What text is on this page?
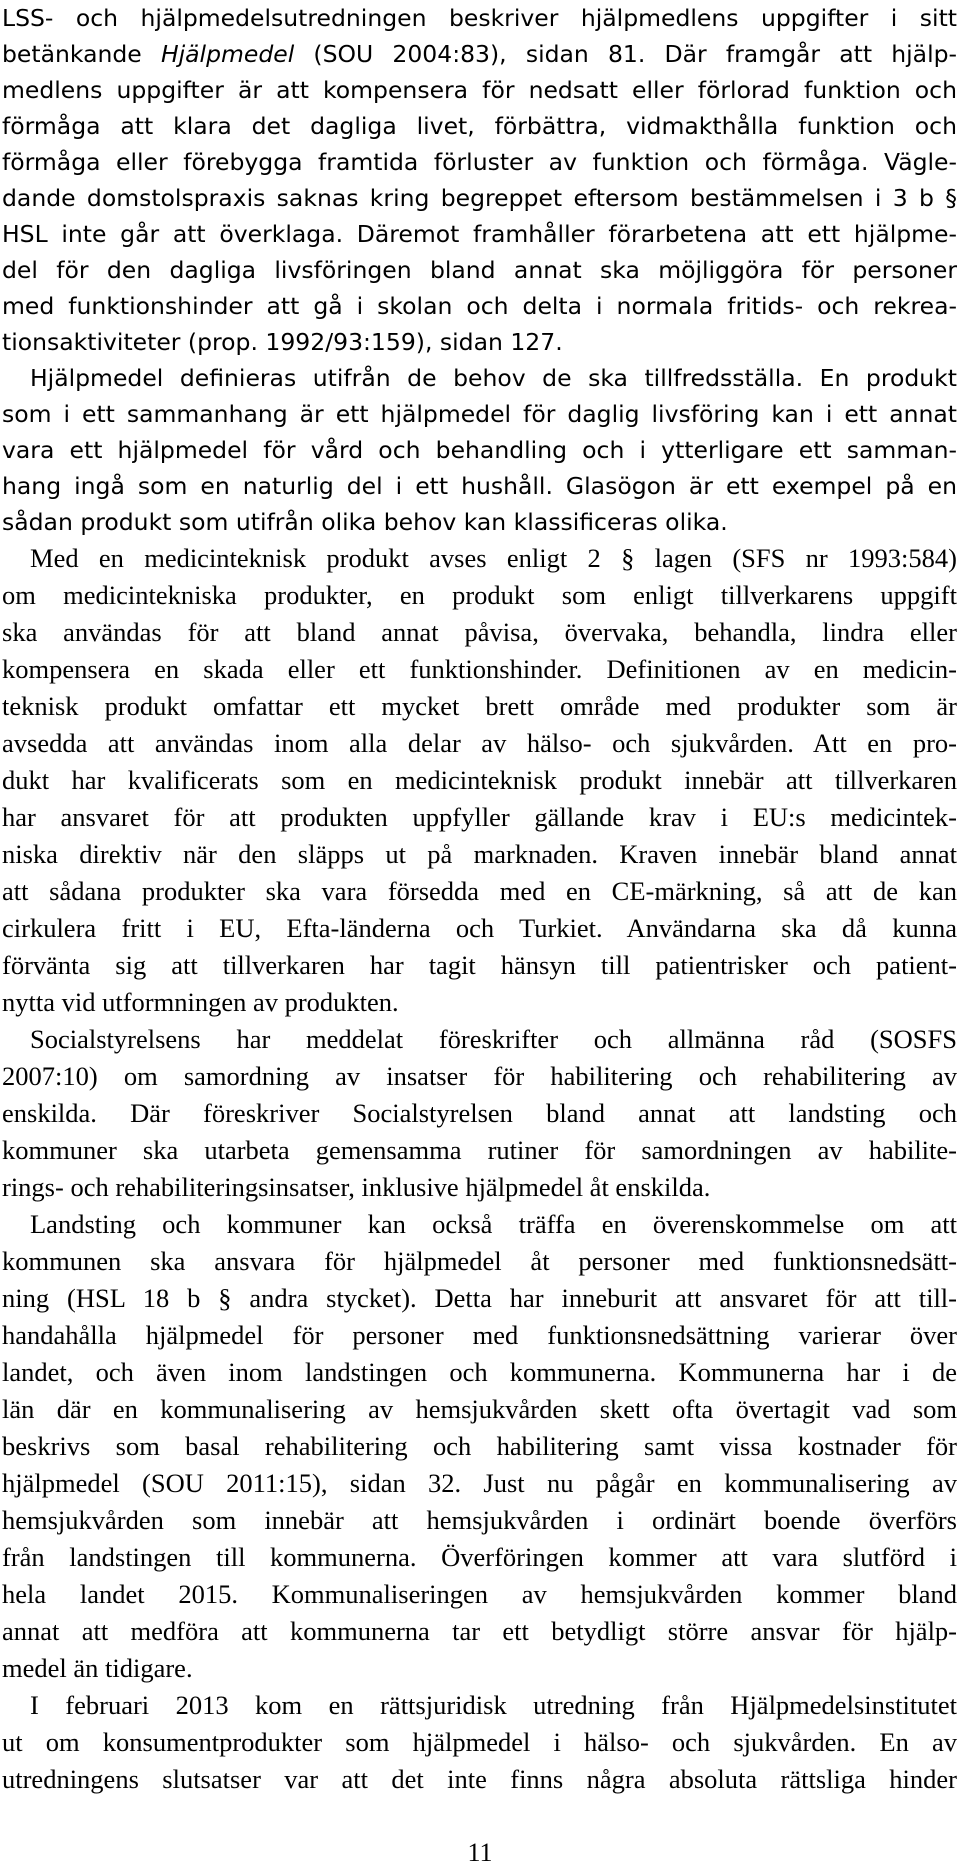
LSS- och hjälpmedelsutredningen beskriver hjälpmedlens uppgifter i sitt

betänkande Hjälpmedel (SOU 2004:83), sidan 81. Där framgår att hjälp-

medlens uppgifter är att kompensera för nedsatt eller förlorad funktion och

förmåga att klara det dagliga livet, förbättra, vidmakthålla funktion och

förmåga eller förebygga framtida förluster av funktion och förmåga. Vägle-

dande domstolspraxis saknas kring begreppet eftersom bestämmelsen i 3 b §

HSL inte går att överklaga. Däremot framhåller förarbetena att ett hjälpme-

del för den dagliga livsföringen bland annat ska möjliggöra för personer

med funktionshinder att gå i skolan och delta i normala fritids- och rekrea-

tionsaktiviteter (prop. 1992/93:159), sidan 127.

Hjälpmedel definieras utifrån de behov de ska tillfredsställa. En produkt

som i ett sammanhang är ett hjälpmedel för daglig livsföring kan i ett annat

vara ett hjälpmedel för vård och behandling och i ytterligare ett samman-

hang ingå som en naturlig del i ett hushåll. Glasögon är ett exempel på en

sådan produkt som utifrån olika behov kan klassificeras olika.

Med en medicinteknisk produkt avses enligt 2 § lagen (SFS nr 1993:584)

om medicintekniska produkter, en produkt som enligt tillverkarens uppgift

ska användas för att bland annat påvisa, övervaka, behandla, lindra eller

kompensera en skada eller ett funktionshinder. Definitionen av en medicin-

teknisk produkt omfattar ett mycket brett område med produkter som är

avsedda att användas inom alla delar av hälso- och sjukvården. Att en pro-

dukt har kvalificerats som en medicinteknisk produkt innebär att tillverkaren

har ansvaret för att produkten uppfyller gällande krav i EU:s medicintek-

niska direktiv när den släpps ut på marknaden. Kraven innebär bland annat

att sådana produkter ska vara försedda med en CE-märkning, så att de kan

cirkulera fritt i EU, Efta-länderna och Turkiet. Användarna ska då kunna

förvänta sig att tillverkaren har tagit hänsyn till patientrisker och patient-

nytta vid utformningen av produkten.

Socialstyrelsens har meddelat föreskrifter och allmänna råd (SOSFS

2007:10) om samordning av insatser för habilitering och rehabilitering av

enskilda. Där föreskriver Socialstyrelsen bland annat att landsting och

kommuner ska utarbeta gemensamma rutiner för samordningen av habilite-

rings- och rehabiliteringsinsatser, inklusive hjälpmedel åt enskilda.

Landsting och kommuner kan också träffa en överenskommelse om att

kommunen ska ansvara för hjälpmedel åt personer med funktionsnedsätt-

ning (HSL 18 b § andra stycket). Detta har inneburit att ansvaret för att till-

handahålla hjälpmedel för personer med funktionsnedsättning varierar över

landet, och även inom landstingen och kommunerna. Kommunerna har i de

län där en kommunalisering av hemsjukvården skett ofta övertagit vad som

beskrivs som basal rehabilitering och habilitering samt vissa kostnader för

hjälpmedel (SOU 2011:15), sidan 32. Just nu pågår en kommunalisering av

hemsjukvården som innebär att hemsjukvården i ordinärt boende överförs

från landstingen till kommunerna. Överföringen kommer att vara slutförd i

hela landet 2015. Kommunaliseringen av hemsjukvården kommer bland

annat att medföra att kommunerna tar ett betydligt större ansvar för hjälp-

medel än tidigare.

I februari 2013 kom en rättsjuridisk utredning från Hjälpmedelsinstitutet

ut om konsumentprodukter som hjälpmedel i hälso- och sjukvården. En av

utredningens slutsatser var att det inte finns några absoluta rättsliga hinder

11
